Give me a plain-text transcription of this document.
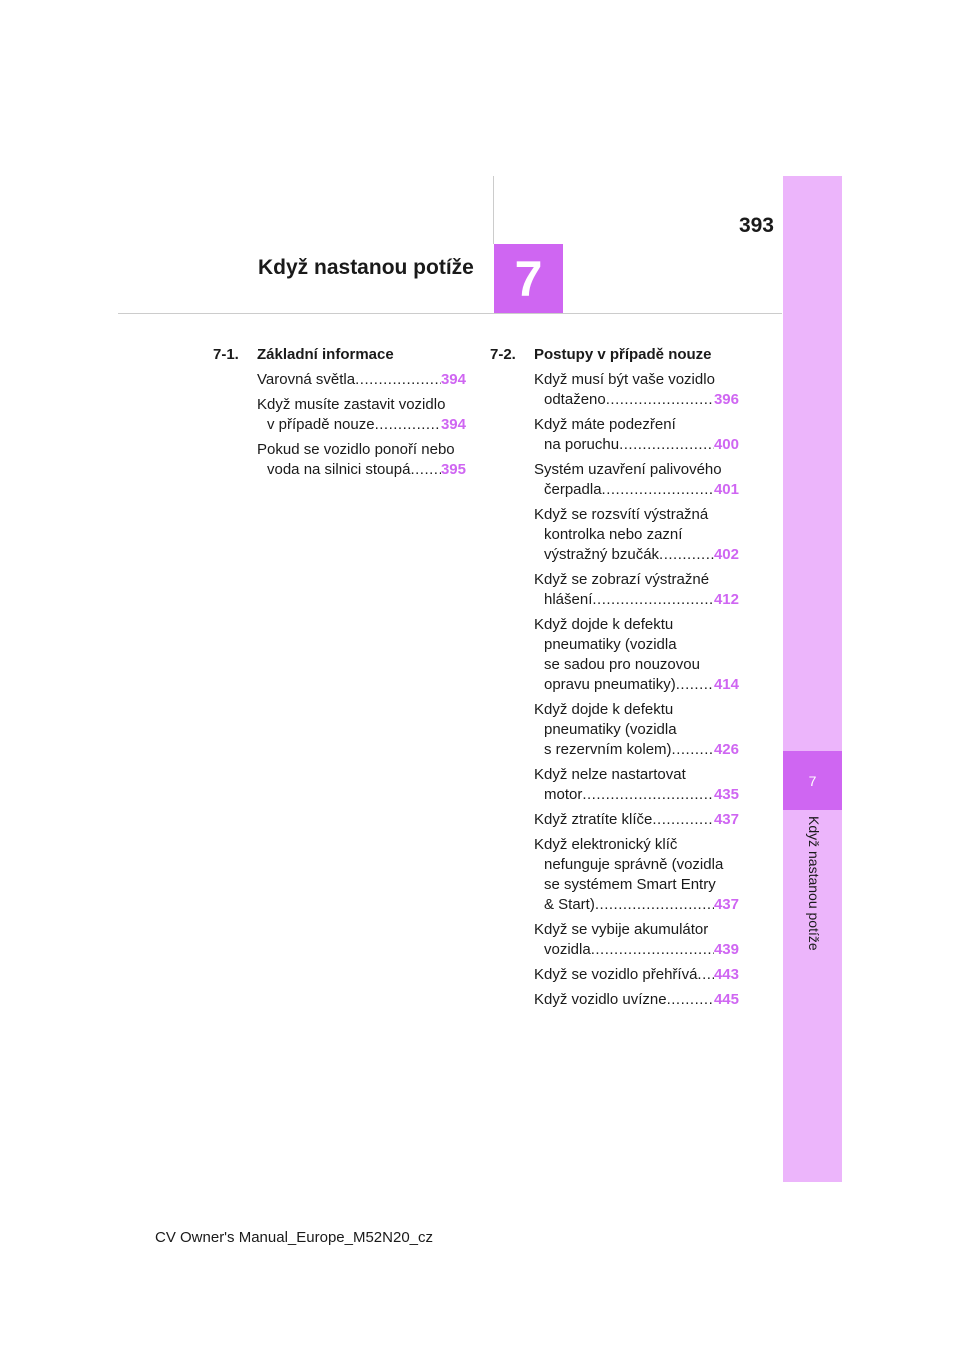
7
Když nastanou potíže
393
Když nastanou potíže 7
7-1.	Základní informace
Varovná světla .....	394
Když musíte zastavit vozidlo
v případě nouze .....	394
Pokud se vozidlo ponoří nebo
voda na silnici stoupá ..... 395
7-2.	Postupy v případě nouze
Když musí být vaše vozidlo
odtaženo .....	396
Když máte podezření
na poruchu .....	400
Systém uzavření palivového
čerpadla .....	401
Když se rozsvítí výstražná
kontrolka nebo zazní
výstražný bzučák .....	402
Když se zobrazí výstražné
hlášení .....	412
Když dojde k defektu
pneumatiky (vozidla
se sadou pro nouzovou
opravu pneumatiky) .....	414
Když dojde k defektu
pneumatiky (vozidla
s rezervním kolem) .....	426
Když nelze nastartovat
motor .....	435
Když ztratíte klíče .....	437
Když elektronický klíč
nefunguje správně (vozidla
se systémem Smart Entry
& Start) .....	437
Když se vybije akumulátor
vozidla .....	439
Když se vozidlo přehřívá ..... 443
Když vozidlo uvízne .....	445
CV Owner's Manual_Europe_M52N20_cz
